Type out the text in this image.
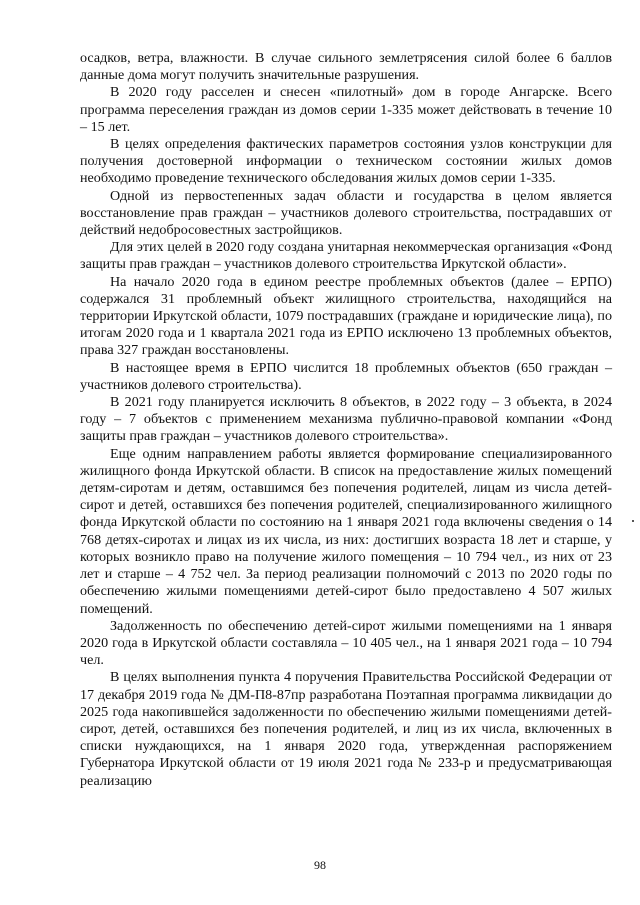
осадков, ветра, влажности. В случае сильного землетрясения силой более 6 баллов данные дома могут получить значительные разрушения.

В 2020 году расселен и снесен «пилотный» дом в городе Ангарске. Всего программа переселения граждан из домов серии 1-335 может действовать в течение 10 – 15 лет.

В целях определения фактических параметров состояния узлов конструкции для получения достоверной информации о техническом состоянии жилых домов необходимо проведение технического обследования жилых домов серии 1-335.

Одной из первостепенных задач области и государства в целом является восстановление прав граждан – участников долевого строительства, пострадавших от действий недобросовестных застройщиков.

Для этих целей в 2020 году создана унитарная некоммерческая организация «Фонд защиты прав граждан – участников долевого строительства Иркутской области».

На начало 2020 года в едином реестре проблемных объектов (далее – ЕРПО) содержался 31 проблемный объект жилищного строительства, находящийся на территории Иркутской области, 1079 пострадавших (граждане и юридические лица), по итогам 2020 года и 1 квартала 2021 года из ЕРПО исключено 13 проблемных объектов, права 327 граждан восстановлены.

В настоящее время в ЕРПО числится 18 проблемных объектов (650 граждан – участников долевого строительства).

В 2021 году планируется исключить 8 объектов, в 2022 году – 3 объекта, в 2024 году – 7 объектов с применением механизма публично-правовой компании «Фонд защиты прав граждан – участников долевого строительства».

Еще одним направлением работы является формирование специализированного жилищного фонда Иркутской области. В список на предоставление жилых помещений детям-сиротам и детям, оставшимся без попечения родителей, лицам из числа детей-сирот и детей, оставшихся без попечения родителей, специализированного жилищного фонда Иркутской области по состоянию на 1 января 2021 года включены сведения о 14 768 детях-сиротах и лицах из их числа, из них: достигших возраста 18 лет и старше, у которых возникло право на получение жилого помещения – 10 794 чел., из них от 23 лет и старше – 4 752 чел. За период реализации полномочий с 2013 по 2020 годы по обеспечению жилыми помещениями детей-сирот было предоставлено 4 507 жилых помещений.

Задолженность по обеспечению детей-сирот жилыми помещениями на 1 января 2020 года в Иркутской области составляла – 10 405 чел., на 1 января 2021 года – 10 794 чел.

В целях выполнения пункта 4 поручения Правительства Российской Федерации от 17 декабря 2019 года № ДМ-П8-87пр разработана Поэтапная программа ликвидации до 2025 года накопившейся задолженности по обеспечению жилыми помещениями детей-сирот, детей, оставшихся без попечения родителей, и лиц из их числа, включенных в списки нуждающихся, на 1 января 2020 года, утвержденная распоряжением Губернатора Иркутской области от 19 июля 2021 года № 233-р и предусматривающая реализацию

98
